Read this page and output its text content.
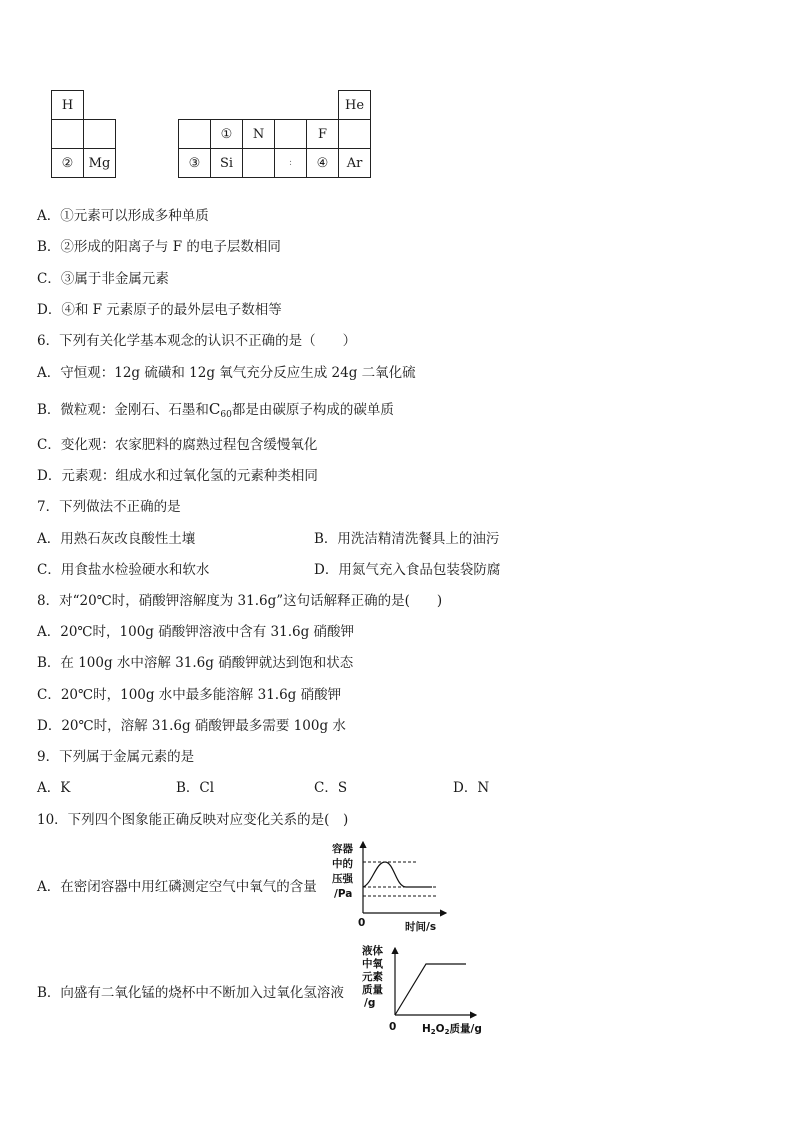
H									He
					①	N		F	
②	Mg			③	Si		:	④	Ar
A．①元素可以形成多种单质
B．②形成的阳离子与 F 的电子层数相同
C．③属于非金属元素
D．④和 F 元素原子的最外层电子数相等
6．下列有关化学基本观念的认识不正确的是（　　）
A．守恒观：12g 硫磺和 12g 氧气充分反应生成 24g 二氧化硫
B．微粒观：金刚石、石墨和$C_{60}$都是由碳原子构成的碳单质
C．变化观：农家肥料的腐熟过程包含缓慢氧化
D．元素观：组成水和过氧化氢的元素种类相同
7．下列做法不正确的是
A．用熟石灰改良酸性土壤	B．用洗洁精清洗餐具上的油污
C．用食盐水检验硬水和软水	D．用氮气充入食品包装袋防腐
8．对“20℃时，硝酸钾溶解度为 31.6g”这句话解释正确的是(　　)
A．20℃时，100g 硝酸钾溶液中含有 31.6g 硝酸钾
B．在 100g 水中溶解 31.6g 硝酸钾就达到饱和状态
C．20℃时，100g 水中最多能溶解 31.6g 硝酸钾
D．20℃时，溶解 31.6g 硝酸钾最多需要 100g 水
9．下列属于金属元素的是
A．K	B．Cl	C．S	D．N
10．下列四个图象能正确反映对应变化关系的是(　)
A．在密闭容器中用红磷测定空气中氧气的含量
B．向盛有二氧化锰的烧杯中不断加入过氧化氢溶液
容器
中的
压强
/Pa
0	时间/s
液体
中氧
元素
质量
/g
0 H2O2质量/g
